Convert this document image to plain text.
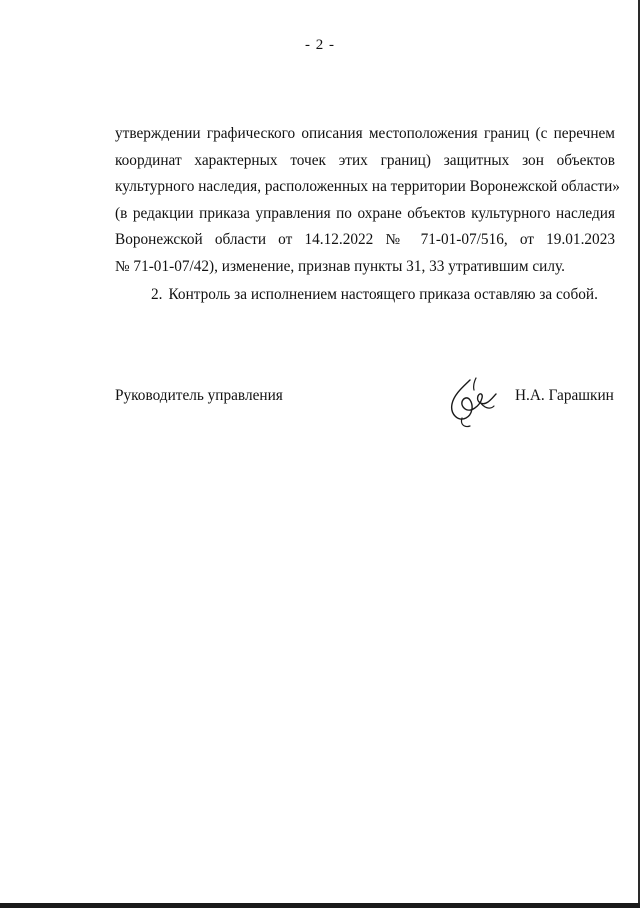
- 2 -
утверждении графического описания местоположения границ (с перечнем
координат характерных точек этих границ) защитных зон объектов
культурного наследия, расположенных на территории Воронежской области»
(в редакции приказа управления по охране объектов культурного наследия
Воронежской области от 14.12.2022 № 71-01-07/516, от 19.01.2023
№ 71-01-07/42), изменение, признав пункты 31, 33 утратившим силу.
2. Контроль за исполнением настоящего приказа оставляю за собой.
Руководитель управления	Н.А. Гарашкин
